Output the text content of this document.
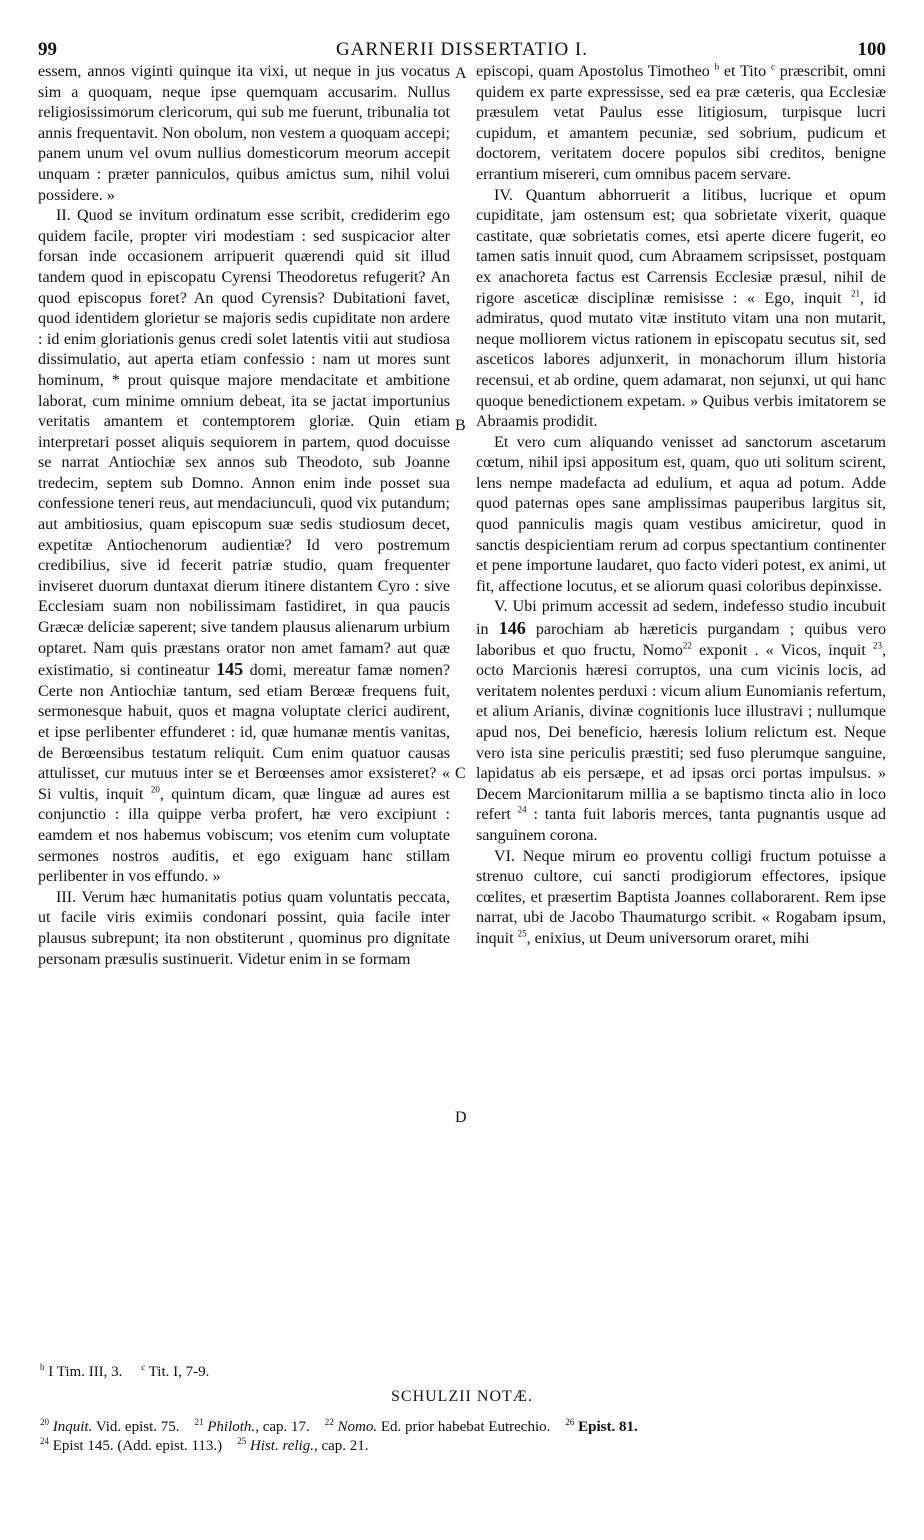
99	GARNERII DISSERTATIO I.	100
A
B
C
D

essem, annos viginti quinque ita vixi, ut neque in jus vocatus sim a quoquam, neque ipse quemquam accusarim. Nullus religiosissimorum clericorum, qui sub me fuerunt, tribunalia tot annis frequentavit. Non obolum, non vestem a quoquam accepi; panem unum vel ovum nullius domesticorum meorum accepit unquam : præter panniculos, quibus amictus sum, nihil volui possidere. »

II. Quod se invitum ordinatum esse scribit, crediderim ego quidem facile, propter viri modestiam : sed suspicacior alter forsan inde occasionem arripuerit quærendi quid sit illud tandem quod in episcopatu Cyrensi Theodoretus refugerit? An quod episcopus foret? An quod Cyrensis? Dubitationi favet, quod identidem glorietur se majoris sedis cupiditate non ardere : id enim gloriationis genus credi solet latentis vitii aut studiosa dissimulatio, aut aperta etiam confessio : nam ut mores sunt hominum, * prout quisque majore mendacitate et ambitione laborat, cum minime omnium debeat, ita se jactat importunius veritatis amantem et contemptorem gloriæ. Quin etiam interpretari posset aliquis sequiorem in partem, quod docuisse se narrat Antiochiæ sex annos sub Theodoto, sub Joanne tredecim, septem sub Domno. Annon enim inde posset sua confessione teneri reus, aut mendaciunculi, quod vix putandum; aut ambitiosius, quam episcopum suæ sedis studiosum decet, expetitæ Antiochenorum audientiæ? Id vero postremum credibilius, sive id fecerit patriæ studio, quam frequenter inviseret duorum duntaxat dierum itinere distantem Cyro : sive Ecclesiam suam non nobilissimam fastidiret, in qua paucis Græcæ deliciæ saperent; sive tandem plausus alienarum urbium optaret. Nam quis præstans orator non amet famam? aut quæ existimatio, si contineatur 145 domi, mereatur famæ nomen? Certe non Antiochiæ tantum, sed etiam Berœæ frequens fuit, sermonesque habuit, quos et magna voluptate clerici audirent, et ipse perlibenter effunderet : id, quæ humanæ mentis vanitas, de Berœensibus testatum reliquit. Cum enim quatuor causas attulisset, cur mutuus inter se et Berœenses amor exsisteret? « Si vultis, inquit $^{20}$, quintum dicam, quæ linguæ ad aures est conjunctio : illa quippe verba profert, hæ vero excipiunt : eamdem et nos habemus vobiscum; vos etenim cum voluptate sermones nostros auditis, et ego exiguam hanc stillam perlibenter in vos effundo. »

III. Verum hæc humanitatis potius quam voluntatis peccata, ut facile viris eximiis condonari possint, quia facile inter plausus subrepunt; ita non obstiterunt , quominus pro dignitate personam præsulis sustinuerit. Videtur enim in se formam

episcopi, quam Apostolus Timotheo $^b$ et Tito $^c$ præscribit, omni quidem ex parte expressisse, sed ea præ cæteris, qua Ecclesiæ præsulem vetat Paulus esse litigiosum, turpisque lucri cupidum, et amantem pecuniæ, sed sobrium, pudicum et doctorem, veritatem docere populos sibi creditos, benigne errantium misereri, cum omnibus pacem servare.

IV. Quantum abhorruerit a litibus, lucrique et opum cupiditate, jam ostensum est; qua sobrietate vixerit, quaque castitate, quæ sobrietatis comes, etsi aperte dicere fugerit, eo tamen satis innuit quod, cum Abraamem scripsisset, postquam ex anachoreta factus est Carrensis Ecclesiæ præsul, nihil de rigore asceticæ disciplinæ remisisse : « Ego, inquit $^{21}$, id admiratus, quod mutato vitæ instituto vitam una non mutarit, neque molliorem victus rationem in episcopatu secutus sit, sed asceticos labores adjunxerit, in monachorum illum historia recensui, et ab ordine, quem adamarat, non sejunxi, ut qui hanc quoque benedictionem expetam. » Quibus verbis imitatorem se Abraamis prodidit.

Et vero cum aliquando venisset ad sanctorum ascetarum cœtum, nihil ipsi appositum est, quam, quo uti solitum scirent, lens nempe madefacta ad edulium, et aqua ad potum. Adde quod paternas opes sane amplissimas pauperibus largitus sit, quod panniculis magis quam vestibus amiciretur, quod in sanctis despicientiam rerum ad corpus spectantium continenter et pene importune laudaret, quo facto videri potest, ex animi, ut fit, affectione locutus, et se aliorum quasi coloribus depinxisse.

V. Ubi primum accessit ad sedem, indefesso studio incubuit in 146 parochiam ab hæreticis purgandam ; quibus vero laboribus et quo fructu, Nomo$^{22}$ exponit . « Vicos, inquit $^{23}$, octo Marcionis hæresi corruptos, una cum vicinis locis, ad veritatem nolentes perduxi : vicum alium Eunomianis refertum, et alium Arianis, divinæ cognitionis luce illustravi ; nullumque apud nos, Dei beneficio, hæresis lolium relictum est. Neque vero ista sine periculis præstiti; sed fuso plerumque sanguine, lapidatus ab eis persæpe, et ad ipsas orci portas impulsus. » Decem Marcionitarum millia a se baptismo tincta alio in loco refert $^{24}$ : tanta fuit laboris merces, tanta pugnantis usque ad sanguinem corona.

VI. Neque mirum eo proventu colligi fructum potuisse a strenuo cultore, cui sancti prodigiorum effectores, ipsique cœlites, et præsertim Baptista Joannes collaborarent. Rem ipse narrat, ubi de Jacobo Thaumaturgo scribit. « Rogabam ipsum, inquit $^{25}$, enixius, ut Deum universorum oraret, mihi

$^b$ I Tim. III, 3. $^c$ Tit. I, 7-9.
SCHULZII NOTÆ.
$^{20}$ Inquit. Vid. epist. 75. $^{21}$ Philoth., cap. 17. $^{22}$ Nomo. Ed. prior habebat Eutrechio. $^{26}$ Epist. 81.
$^{24}$ Epist 145. (Add. epist. 113.) $^{25}$ Hist. relig., cap. 21.
